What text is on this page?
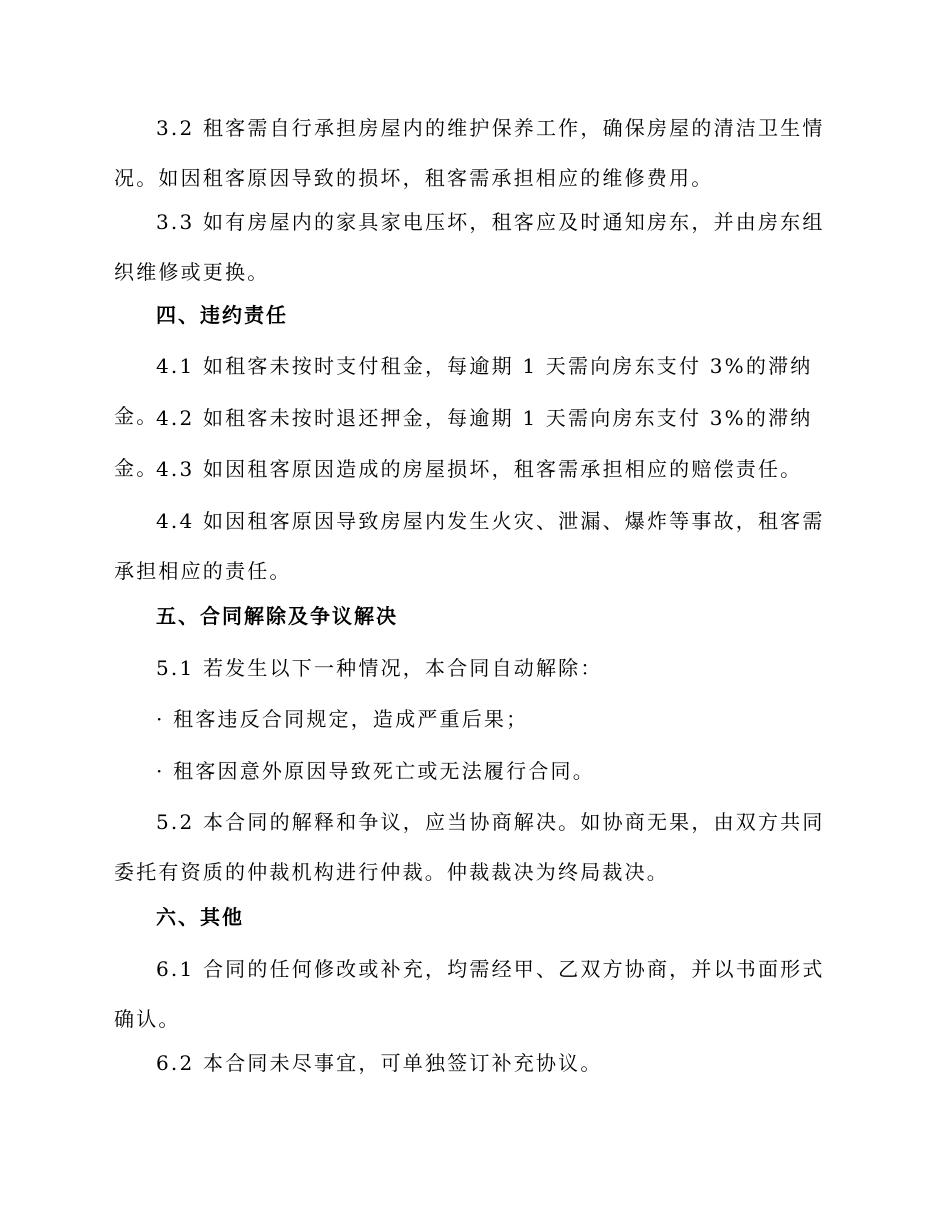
3.2 租客需自行承担房屋内的维护保养工作，确保房屋的清洁卫生情况。如因租客原因导致的损坏，租客需承担相应的维修费用。

3.3 如有房屋内的家具家电压坏，租客应及时通知房东，并由房东组织维修或更换。

四、违约责任

4.1 如租客未按时支付租金，每逾期 1 天需向房东支付 3%的滞纳金。

4.2 如租客未按时退还押金，每逾期 1 天需向房东支付 3%的滞纳金。

4.3 如因租客原因造成的房屋损坏，租客需承担相应的赔偿责任。

4.4 如因租客原因导致房屋内发生火灾、泄漏、爆炸等事故，租客需承担相应的责任。

五、合同解除及争议解决

5.1 若发生以下一种情况，本合同自动解除：

· 租客违反合同规定，造成严重后果；

· 租客因意外原因导致死亡或无法履行合同。

5.2 本合同的解释和争议，应当协商解决。如协商无果，由双方共同委托有资质的仲裁机构进行仲裁。仲裁裁决为终局裁决。

六、其他

6.1 合同的任何修改或补充，均需经甲、乙双方协商，并以书面形式确认。

6.2 本合同未尽事宜，可单独签订补充协议。
